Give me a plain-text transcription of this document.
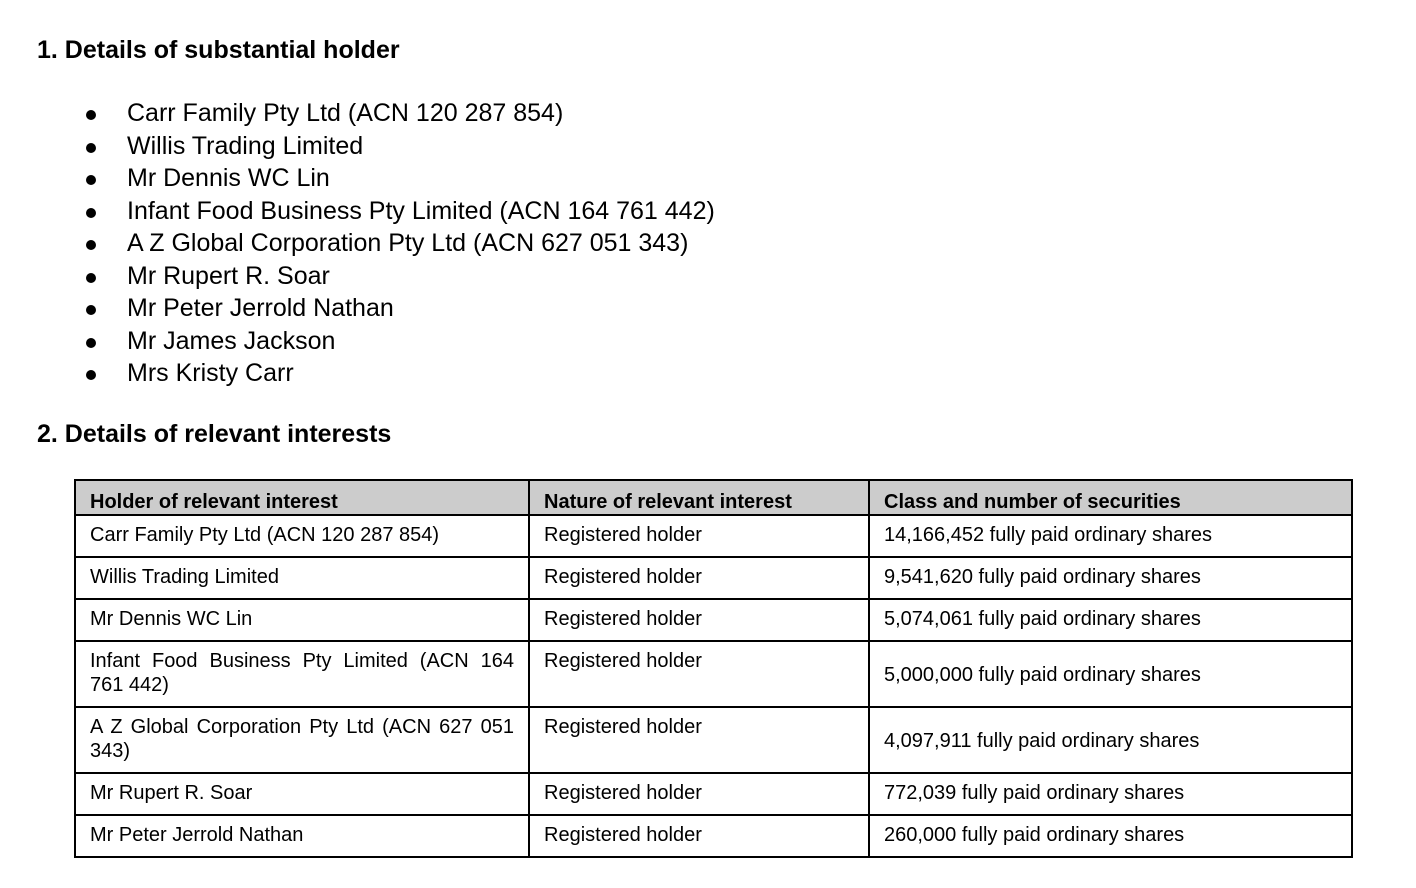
1. Details of substantial holder
Carr Family Pty Ltd (ACN 120 287 854)
Willis Trading Limited
Mr Dennis WC Lin
Infant Food Business Pty Limited (ACN 164 761 442)
A Z Global Corporation Pty Ltd (ACN 627 051 343)
Mr Rupert R. Soar
Mr Peter Jerrold Nathan
Mr James Jackson
Mrs Kristy Carr
2. Details of relevant interests
Holder of relevant interest	Nature of relevant interest	Class and number of securities
Carr Family Pty Ltd (ACN 120 287 854)	Registered holder	14,166,452 fully paid ordinary shares
Willis Trading Limited	Registered holder	9,541,620 fully paid ordinary shares
Mr Dennis WC Lin	Registered holder	5,074,061 fully paid ordinary shares
Infant Food Business Pty Limited (ACN 164 761 442)	Registered holder	5,000,000 fully paid ordinary shares
A Z Global Corporation Pty Ltd (ACN 627 051 343)	Registered holder	4,097,911 fully paid ordinary shares
Mr Rupert R. Soar	Registered holder	772,039 fully paid ordinary shares
Mr Peter Jerrold Nathan	Registered holder	260,000 fully paid ordinary shares
